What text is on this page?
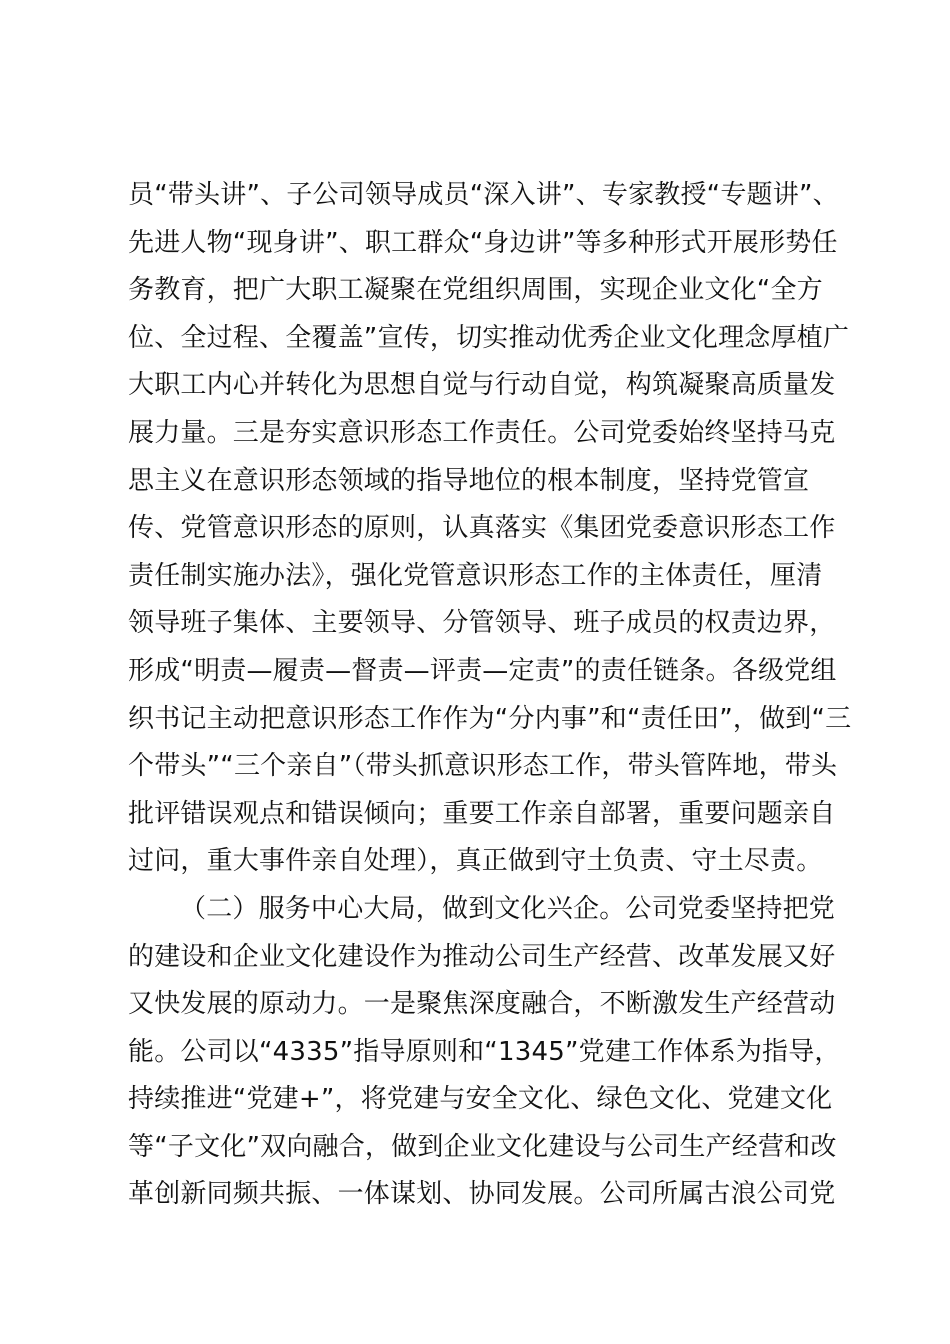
员“带头讲”、子公司领导成员“深入讲”、专家教授“专题讲”、
先进人物“现身讲”、职工群众“身边讲”等多种形式开展形势任
务教育，把广大职工凝聚在党组织周围，实现企业文化“全方
位、全过程、全覆盖”宣传，切实推动优秀企业文化理念厚植广
大职工内心并转化为思想自觉与行动自觉，构筑凝聚高质量发
展力量。三是夯实意识形态工作责任。公司党委始终坚持马克
思主义在意识形态领域的指导地位的根本制度，坚持党管宣
传、党管意识形态的原则，认真落实《集团党委意识形态工作
责任制实施办法》，强化党管意识形态工作的主体责任，厘清
领导班子集体、主要领导、分管领导、班子成员的权责边界，
形成“明责—履责—督责—评责—定责”的责任链条。各级党组
织书记主动把意识形态工作作为“分内事”和“责任田”，做到“三
个带头”“三个亲自”（带头抓意识形态工作，带头管阵地，带头
批评错误观点和错误倾向；重要工作亲自部署，重要问题亲自
过问，重大事件亲自处理），真正做到守土负责、守土尽责。
（二）服务中心大局，做到文化兴企。公司党委坚持把党
的建设和企业文化建设作为推动公司生产经营、改革发展又好
又快发展的原动力。一是聚焦深度融合，不断激发生产经营动
能。公司以“4335”指导原则和“1345”党建工作体系为指导，
持续推进“党建+”，将党建与安全文化、绿色文化、党建文化
等“子文化”双向融合，做到企业文化建设与公司生产经营和改
革创新同频共振、一体谋划、协同发展。公司所属古浪公司党
